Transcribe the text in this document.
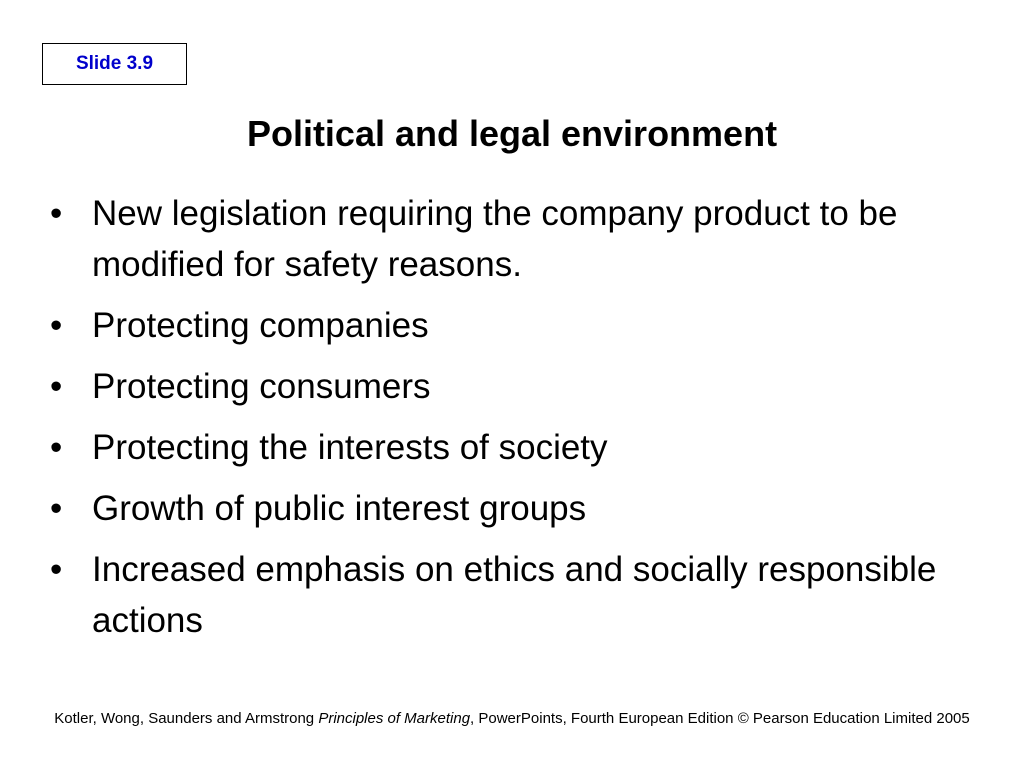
Slide 3.9
Political and legal environment
• New legislation requiring the company product to be modified for safety reasons.
• Protecting companies
• Protecting consumers
• Protecting the interests of society
• Growth of public interest groups
• Increased emphasis on ethics and socially responsible actions
Kotler, Wong, Saunders and Armstrong Principles of Marketing, PowerPoints, Fourth European Edition © Pearson Education Limited 2005
